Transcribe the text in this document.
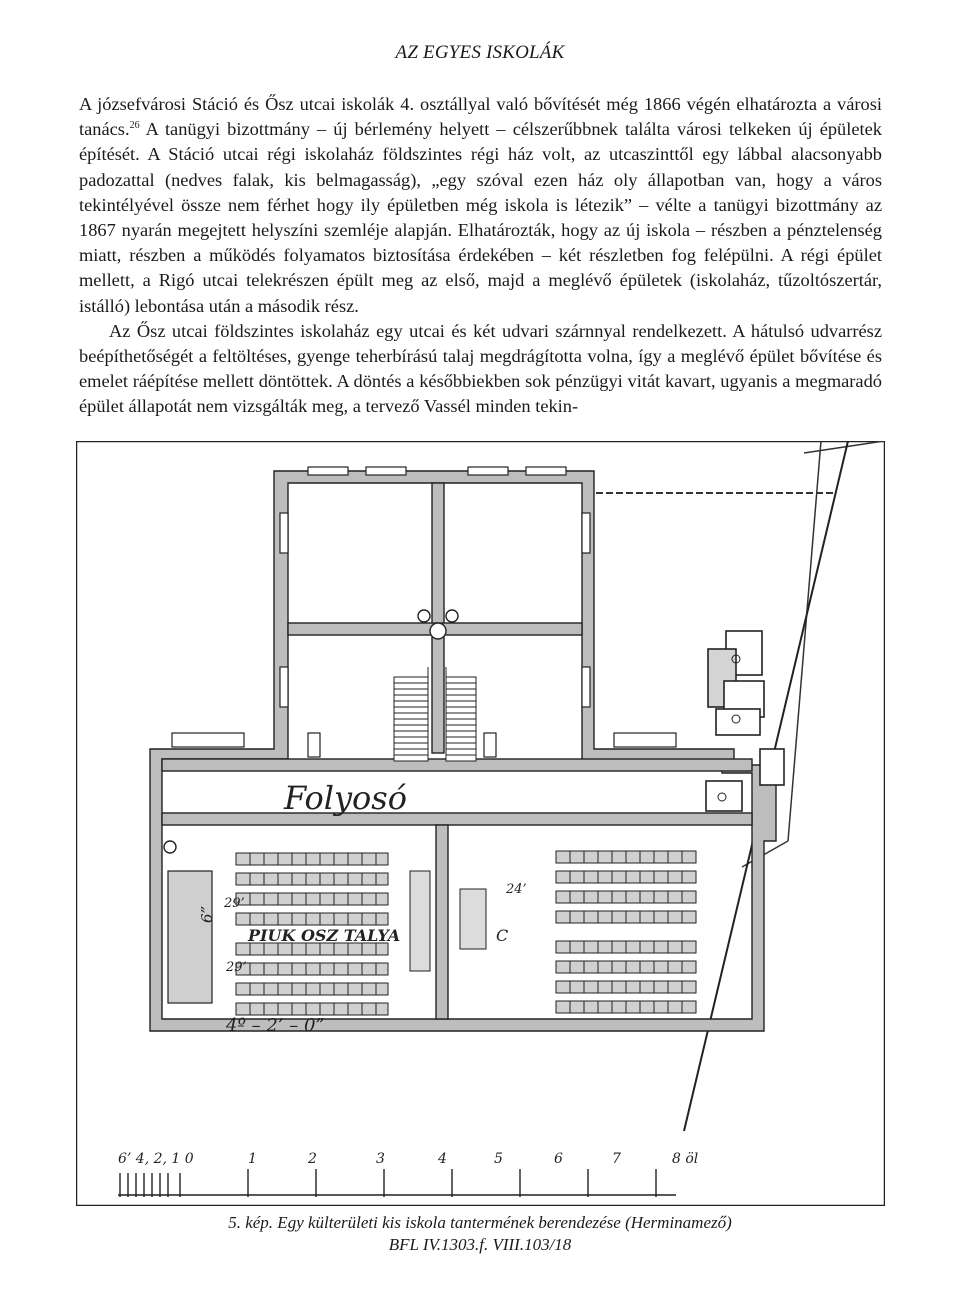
AZ EGYES ISKOLÁK

A józsefvárosi Stáció és Ősz utcai iskolák 4. osztállyal való bővítését még 1866 végén elhatározta a városi tanács.$^{26}$ A tanügyi bizottmány – új bérlemény helyett – célszerűbbnek találta városi telkeken új épületek építését. A Stáció utcai régi iskolaház földszintes régi ház volt, az utcaszinttől egy lábbal alacsonyabb padozattal (nedves falak, kis belmagasság), „egy szóval ezen ház oly állapotban van, hogy a város tekintélyével össze nem férhet hogy ily épületben még iskola is létezik” – vélte a tanügyi bizottmány az 1867 nyarán megejtett helyszíni szemléje alapján. Elhatározták, hogy az új iskola – részben a pénztelenség miatt, részben a működés folyamatos biztosítása érdekében – két részletben fog felépülni. A régi épület mellett, a Rigó utcai telekrészen épült meg az első, majd a meglévő épületek (iskolaház, tűzoltószertár, istálló) lebontása után a második rész.

Az Ősz utcai földszintes iskolaház egy utcai és két udvari szárnnyal rendelkezett. A hátulsó udvarrész beépíthetőségét a feltöltéses, gyenge teherbírású talaj megdrágította volna, így a meglévő épület bővítése és emelet ráépítése mellett döntöttek. A döntés a későbbiekben sok pénzügyi vitát kavart, ugyanis a megmaradó épület állapotát nem vizsgálták meg, a tervező Vassél minden tekin-

Folyosó
6”
29’
29’
4º – 2’ – 0”
24’
C
PIUK OSZ TALYA
6’ 4, 2, 1 0	1	2	3	4	5	6	7	8 öl
5. kép. Egy külterületi kis iskola tantermének berendezése (Herminamező)
BFL IV.1303.f. VIII.103/18
